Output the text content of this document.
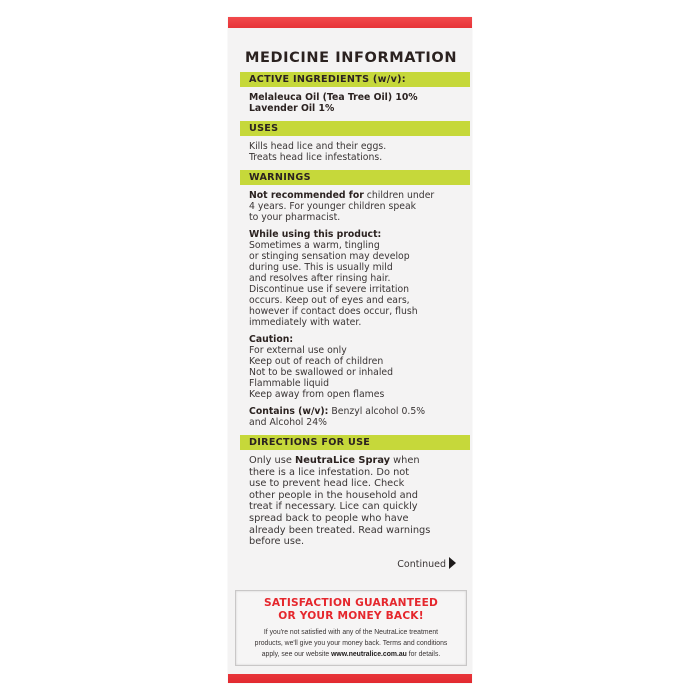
MEDICINE INFORMATION
ACTIVE INGREDIENTS (w/v):
Melaleuca Oil (Tea Tree Oil) 10%
Lavender Oil 1%
USES
Kills head lice and their eggs.
Treats head lice infestations.
WARNINGS

Not recommended for children under
4 years. For younger children speak
to your pharmacist.

While using this product:
Sometimes a warm, tingling
or stinging sensation may develop
during use. This is usually mild
and resolves after rinsing hair.
Discontinue use if severe irritation
occurs. Keep out of eyes and ears,
however if contact does occur, flush
immediately with water.

Caution:
For external use only
Keep out of reach of children
Not to be swallowed or inhaled
Flammable liquid
Keep away from open flames

Contains (w/v): Benzyl alcohol 0.5%
and Alcohol 24%

DIRECTIONS FOR USE
Only use NeutraLice Spray when
there is a lice infestation. Do not
use to prevent head lice. Check
other people in the household and
treat if necessary. Lice can quickly
spread back to people who have
already been treated. Read warnings
before use.
Continued
SATISFACTION GUARANTEED
OR YOUR MONEY BACK!
If you're not satisfied with any of the NeutraLice treatment
products, we'll give you your money back. Terms and conditions
apply, see our website www.neutralice.com.au for details.
